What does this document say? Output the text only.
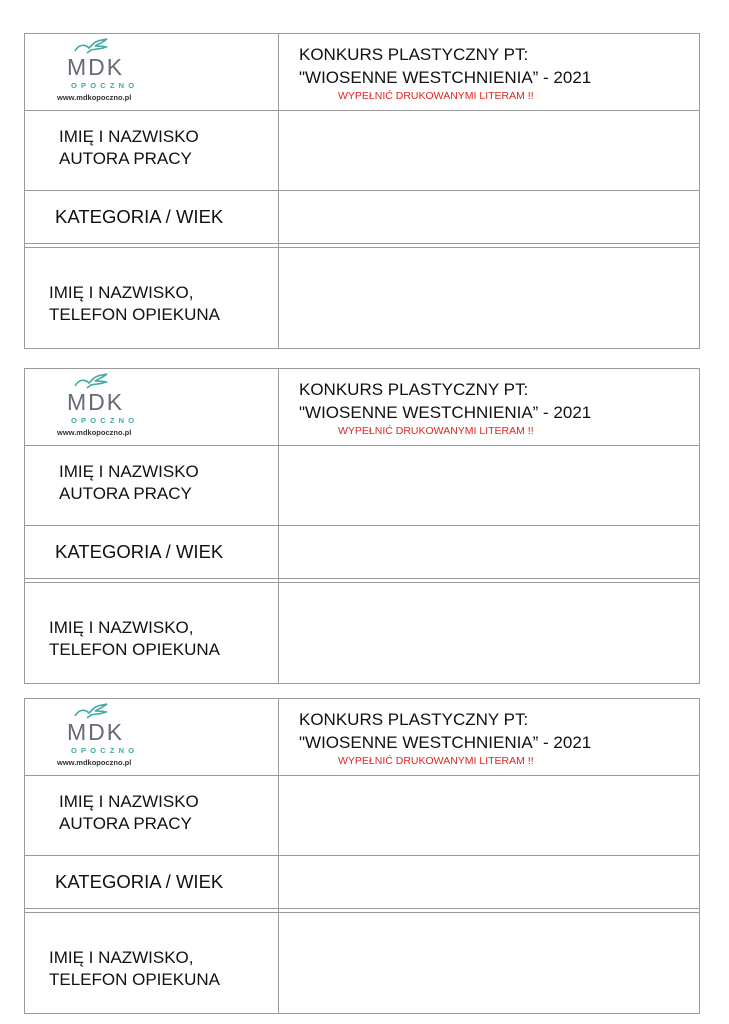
MDK
OPOCZNO
www.mdkopoczno.pl
KONKURS PLASTYCZNY PT:
"WIOSENNE WESTCHNIENIA” - 2021
WYPEŁNIĆ DRUKOWANYMI LITERAM !!
IMIĘ I NAZWISKO
AUTORA PRACY
KATEGORIA / WIEK
IMIĘ I NAZWISKO,
TELEFON OPIEKUNA
MDK
OPOCZNO
www.mdkopoczno.pl
KONKURS PLASTYCZNY PT:
"WIOSENNE WESTCHNIENIA” - 2021
WYPEŁNIĆ DRUKOWANYMI LITERAM !!
IMIĘ I NAZWISKO
AUTORA PRACY
KATEGORIA / WIEK
IMIĘ I NAZWISKO,
TELEFON OPIEKUNA
MDK
OPOCZNO
www.mdkopoczno.pl
KONKURS PLASTYCZNY PT:
"WIOSENNE WESTCHNIENIA” - 2021
WYPEŁNIĆ DRUKOWANYMI LITERAM !!
IMIĘ I NAZWISKO
AUTORA PRACY
KATEGORIA / WIEK
IMIĘ I NAZWISKO,
TELEFON OPIEKUNA
